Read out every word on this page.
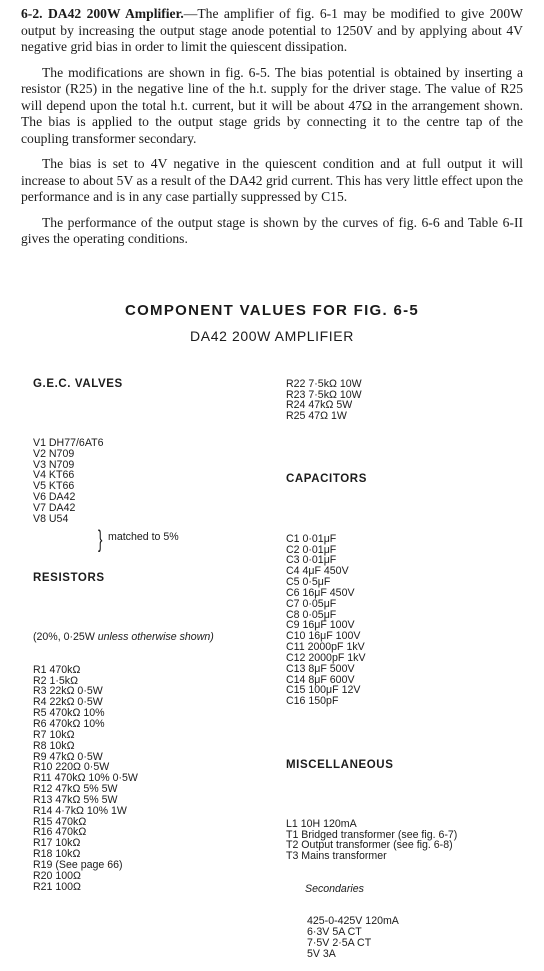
6-2. DA42 200W Amplifier.—The amplifier of fig. 6-1 may be modified to give 200W output by increasing the output stage anode potential to 1250V and by applying about 4V negative grid bias in order to limit the quiescent dissipation.

The modifications are shown in fig. 6-5. The bias potential is obtained by inserting a resistor (R25) in the negative line of the h.t. supply for the driver stage. The value of R25 will depend upon the total h.t. current, but it will be about 47Ω in the arrangement shown. The bias is applied to the output stage grids by connecting it to the centre tap of the coupling transformer secondary.

The bias is set to 4V negative in the quiescent condition and at full output it will increase to about 5V as a result of the DA42 grid current. This has very little effect upon the performance and is in any case partially suppressed by C15.

The performance of the output stage is shown by the curves of fig. 6-6 and Table 6-II gives the operating conditions.

COMPONENT VALUES FOR FIG. 6-5
DA42 200W AMPLIFIER

G.E.C. VALVES

V1 DH77/6AT6
V2 N709
V3 N709
V4 KT66
V5 KT66
V6 DA42
V7 DA42
V8 U54

RESISTORS

(20%, 0·25W unless otherwise shown)

R1 470kΩ
R2 1·5kΩ
R3 22kΩ 0·5W
R4 22kΩ 0·5W
R5 470kΩ 10%
R6 470kΩ 10%
R7 10kΩ
R8 10kΩ
R9 47kΩ 0·5W
R10 220Ω 0·5W
R11 470kΩ 10% 0·5W
R12 47kΩ 5% 5W
R13 47kΩ 5% 5W
R14 4·7kΩ 10% 1W
R15 470kΩ
R16 470kΩ
R17 10kΩ
R18 10kΩ
R19 (See page 66)
R20 100Ω
R21 100Ω

} matched to 5%

R22 7·5kΩ 10W
R23 7·5kΩ 10W
R24 47kΩ 5W
R25 47Ω 1W

CAPACITORS

C1 0·01μF
C2 0·01μF
C3 0·01μF
C4 4μF 450V
C5 0·5μF
C6 16μF 450V
C7 0·05μF
C8 0·05μF
C9 16μF 100V
C10 16μF 100V
C11 2000pF 1kV
C12 2000pF 1kV
C13 8μF 500V
C14 8μF 600V
C15 100μF 12V
C16 150pF

MISCELLANEOUS

L1 10H 120mA
T1 Bridged transformer (see fig. 6-7)
T2 Output transformer (see fig. 6-8)
T3 Mains transformer

Secondaries

425-0-425V 120mA
6·3V 5A CT
7·5V 2·5A CT
5V 3A
